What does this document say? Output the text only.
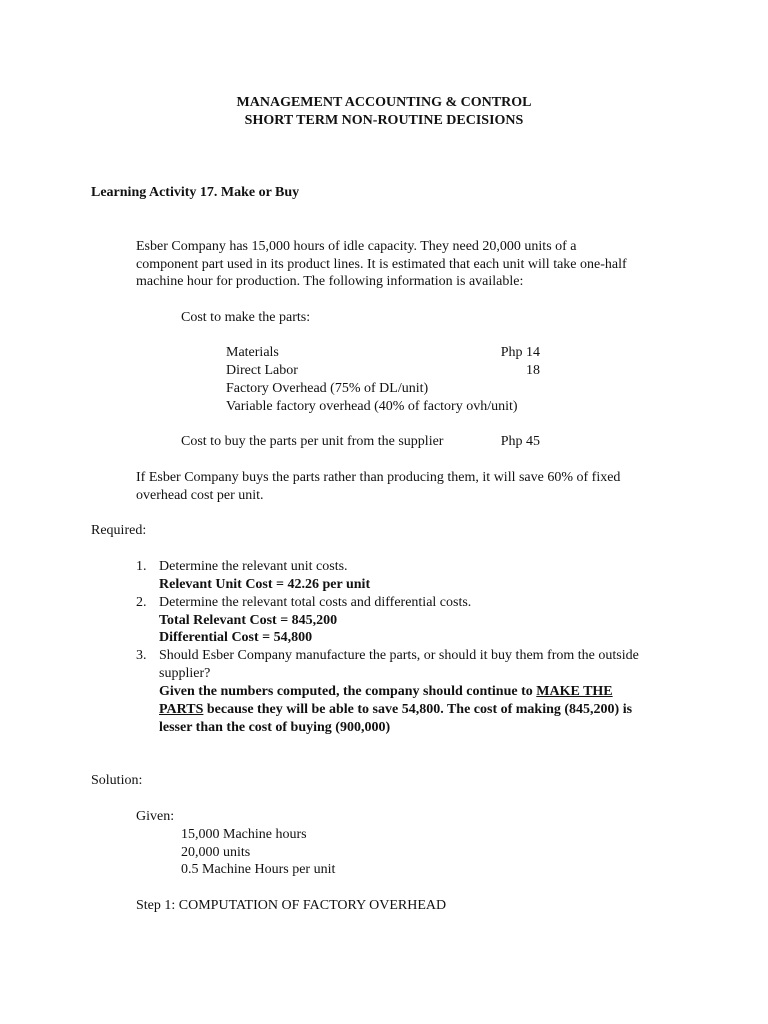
MANAGEMENT ACCOUNTING & CONTROL
SHORT TERM NON-ROUTINE DECISIONS
Learning Activity 17. Make or Buy
Esber Company has 15,000 hours of idle capacity. They need 20,000 units of a
component part used in its product lines. It is estimated that each unit will take one-half
machine hour for production. The following information is available:
Cost to make the parts:
Materials	Php 14
Direct Labor	18
Factory Overhead (75% of DL/unit)
Variable factory overhead (40% of factory ovh/unit)
Cost to buy the parts per unit from the supplier	Php 45
If Esber Company buys the parts rather than producing them, it will save 60% of fixed
overhead cost per unit.
Required:
1. Determine the relevant unit costs.
Relevant Unit Cost = 42.26 per unit
2. Determine the relevant total costs and differential costs.
Total Relevant Cost = 845,200
Differential Cost = 54,800
3. Should Esber Company manufacture the parts, or should it buy them from the outside
supplier?
Given the numbers computed, the company should continue to MAKE THE
PARTS because they will be able to save 54,800. The cost of making (845,200) is
lesser than the cost of buying (900,000)
Solution:
Given:
15,000 Machine hours
20,000 units
0.5 Machine Hours per unit
Step 1: COMPUTATION OF FACTORY OVERHEAD
